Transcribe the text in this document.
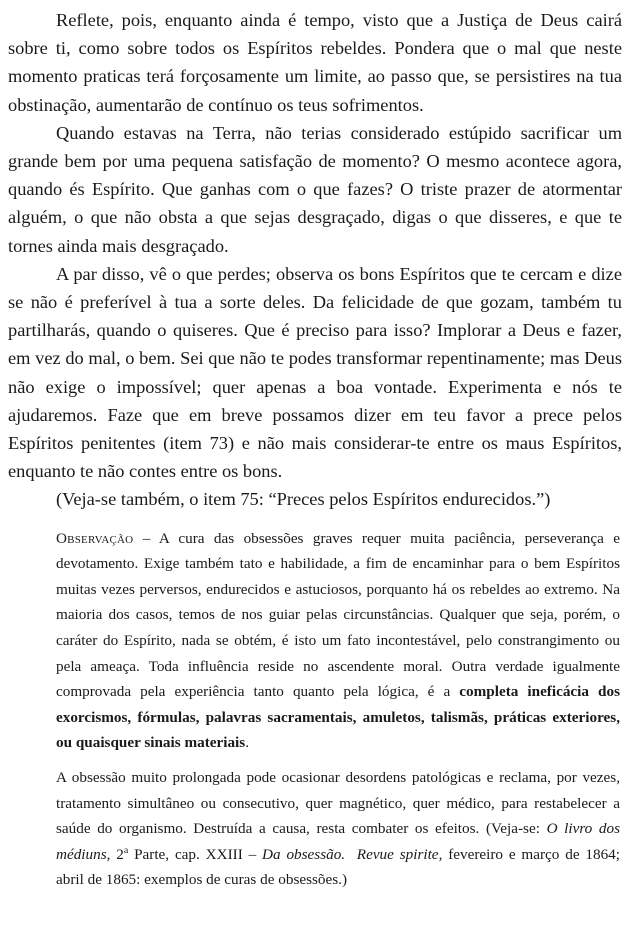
Reflete, pois, enquanto ainda é tempo, visto que a Justiça de Deus cairá sobre ti, como sobre todos os Espíritos rebeldes. Pondera que o mal que neste momento praticas terá forçosamente um limite, ao passo que, se persistires na tua obstinação, aumentarão de contínuo os teus sofrimentos.

Quando estavas na Terra, não terias considerado estúpido sacrificar um grande bem por uma pequena satisfação de momento? O mesmo acontece agora, quando és Espírito. Que ganhas com o que fazes? O triste prazer de atormentar alguém, o que não obsta a que sejas desgraçado, digas o que disseres, e que te tornes ainda mais desgraçado.

A par disso, vê o que perdes; observa os bons Espíritos que te cercam e dize se não é preferível à tua a sorte deles. Da felicidade de que gozam, também tu partilharás, quando o quiseres. Que é preciso para isso? Implorar a Deus e fazer, em vez do mal, o bem. Sei que não te podes transformar repentinamente; mas Deus não exige o impossível; quer apenas a boa vontade. Experimenta e nós te ajudaremos. Faze que em breve possamos dizer em teu favor a prece pelos Espíritos penitentes (item 73) e não mais considerar-te entre os maus Espíritos, enquanto te não contes entre os bons.

(Veja-se também, o item 75: “Preces pelos Espíritos endurecidos.”)

Observação – A cura das obsessões graves requer muita paciência, perseverança e devotamento. Exige também tato e habilidade, a fim de encaminhar para o bem Espíritos muitas vezes perversos, endurecidos e astuciosos, porquanto há os rebeldes ao extremo. Na maioria dos casos, temos de nos guiar pelas circunstâncias. Qualquer que seja, porém, o caráter do Espírito, nada se obtém, é isto um fato incontestável, pelo constrangimento ou pela ameaça. Toda influência reside no ascendente moral. Outra verdade igualmente comprovada pela experiência tanto quanto pela lógica, é a completa ineficácia dos exorcismos, fórmulas, palavras sacramentais, amuletos, talismãs, práticas exteriores, ou quaisquer sinais materiais.

A obsessão muito prolongada pode ocasionar desordens patológicas e reclama, por vezes, tratamento simultâneo ou consecutivo, quer magnético, quer médico, para restabelecer a saúde do organismo. Destruída a causa, resta combater os efeitos. (Veja-se: O livro dos médiuns, 2$^a$ Parte, cap. XXIII – Da obsessão. Revue spirite, fevereiro e março de 1864; abril de 1865: exemplos de curas de obsessões.)
